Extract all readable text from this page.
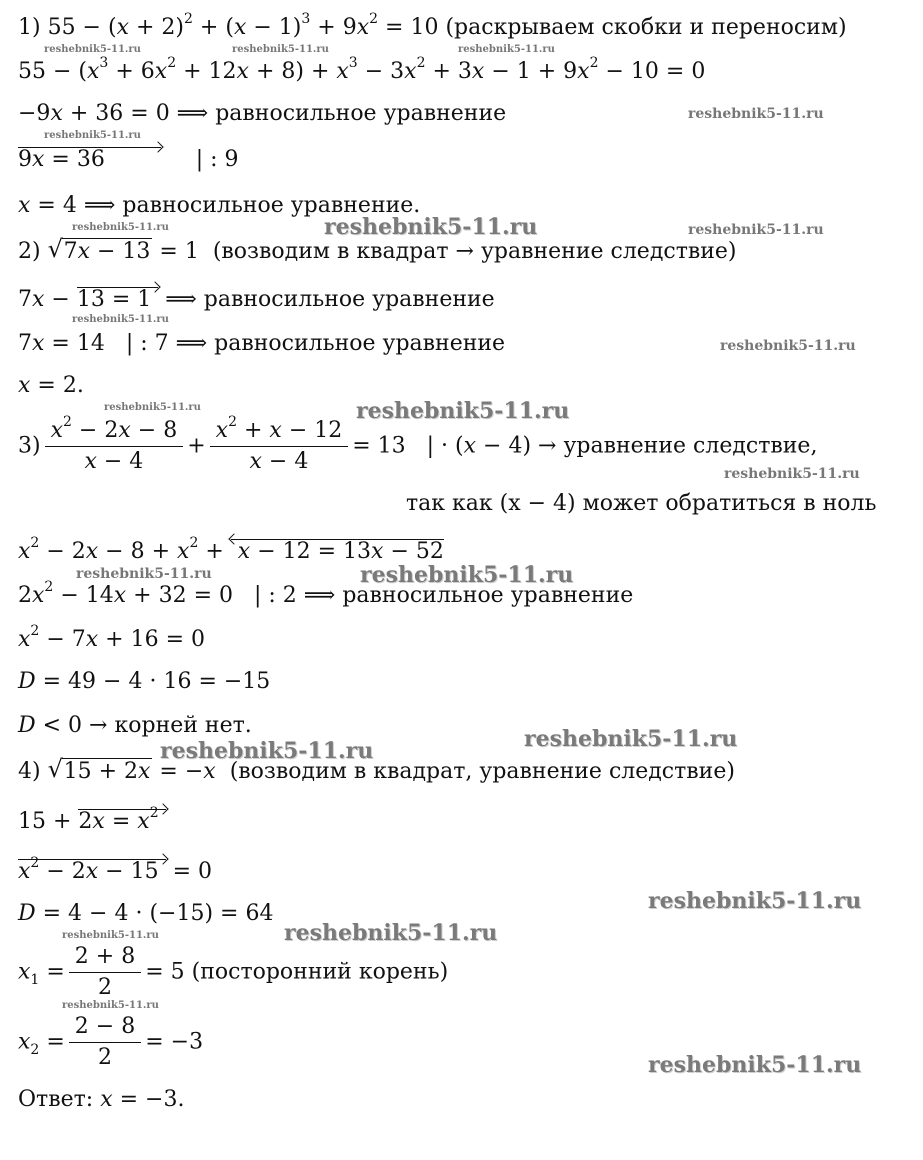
1) $55 - (x + 2)^2 + (x - 1)^3 + 9x^2 = 10$ (раскрываем скобки и переносим)
$55 - (x^3 + 6x^2 + 12x + 8) + x^3 - 3x^2 + 3x - 1 + 9x^2 - 10 = 0$
−9x + 36 = 0 ⟹ равносильное уравнение
9x = 36             | : 9
x = 4 ⟹ равносильное уравнение.
2) √ 7x − 13 = 1  (возводим в квадрат → уравнение следствие)
7x − 13 = 1  ⟹ равносильное уравнение
7x = 14   | : 7 ⟹ равносильное уравнение
x = 2.
$3) \frac{x^2 - 2x - 8}{x - 4} + \frac{x^2 + x - 12}{x - 4} = 13$   | · (x − 4) → уравнение следствие,
так как (x − 4) может обратиться в ноль
$x^2 - 2x - 8 + x^2 + x - 12 = 13x - 52$
$2x^2 - 14x + 32 = 0$   | : 2 ⟹ равносильное уравнение
$x^2 - 7x + 16 = 0$
D = 49 − 4 · 16 = −15
D < 0 → корней нет.
4) √ 15 + 2x = −x (возводим в квадрат, уравнение следствие)
$15 + 2x = x^2$
$x^2 - 2x - 15 = 0$
D = 4 − 4 · (−15) = 64
$x_1 = \frac{2 + 8}{2} = 5$ (посторонний корень)
$x_2 = \frac{2 - 8}{2} = -3$
Ответ: x = −3.
reshebnik5-11.ru	reshebnik5-11.ru	reshebnik5-11.ru
reshebnik5-11.ru
reshebnik5-11.ru
reshebnik5-11.ru
reshebnik5-11.ru	reshebnik5-11.ru
reshebnik5-11.ru
reshebnik5-11.ru
reshebnik5-11.ru	reshebnik5-11.ru
reshebnik5-11.ru
reshebnik5-11.ru	reshebnik5-11.ru
reshebnik5-11.ru	reshebnik5-11.ru
reshebnik5-11.ru
reshebnik5-11.ru
reshebnik5-11.ru
reshebnik5-11.ru
reshebnik5-11.ru
